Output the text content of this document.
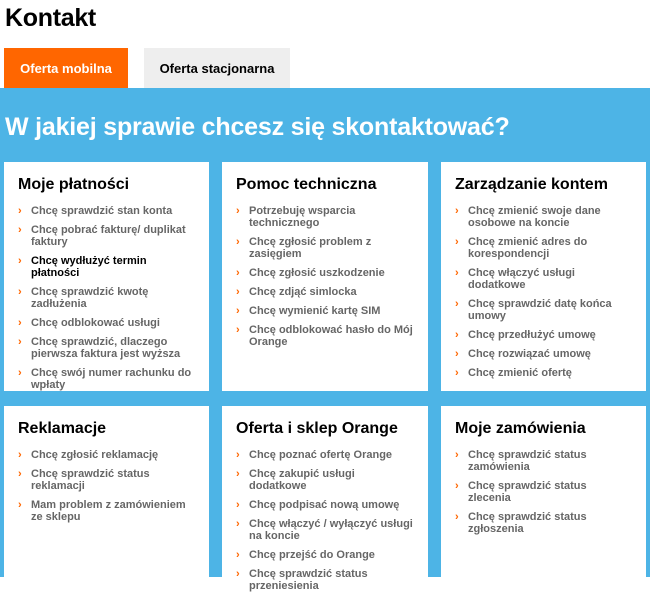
Kontakt
Oferta mobilna	Oferta stacjonarna
W jakiej sprawie chcesz się skontaktować?
Moje płatności
› Chcę sprawdzić stan konta
› Chcę pobrać fakturę/ duplikat faktury
› Chcę wydłużyć termin płatności
› Chcę sprawdzić kwotę zadłużenia
› Chcę odblokować usługi
› Chcę sprawdzić, dlaczego pierwsza faktura jest wyższa
› Chcę swój numer rachunku do wpłaty
Pomoc techniczna
› Potrzebuję wsparcia technicznego
› Chcę zgłosić problem z zasięgiem
› Chcę zgłosić uszkodzenie
› Chcę zdjąć simlocka
› Chcę wymienić kartę SIM
› Chcę odblokować hasło do Mój Orange
Zarządzanie kontem
› Chcę zmienić swoje dane osobowe na koncie
› Chcę zmienić adres do korespondencji
› Chcę włączyć usługi dodatkowe
› Chcę sprawdzić datę końca umowy
› Chcę przedłużyć umowę
› Chcę rozwiązać umowę
› Chcę zmienić ofertę
Reklamacje
› Chcę zgłosić reklamację
› Chcę sprawdzić status reklamacji
› Mam problem z zamówieniem ze sklepu
Oferta i sklep Orange
› Chcę poznać ofertę Orange
› Chcę zakupić usługi dodatkowe
› Chcę podpisać nową umowę
› Chcę włączyć / wyłączyć usługi na koncie
› Chcę przejść do Orange
› Chcę sprawdzić status przeniesienia
Moje zamówienia
› Chcę sprawdzić status zamówienia
› Chcę sprawdzić status zlecenia
› Chcę sprawdzić status zgłoszenia
